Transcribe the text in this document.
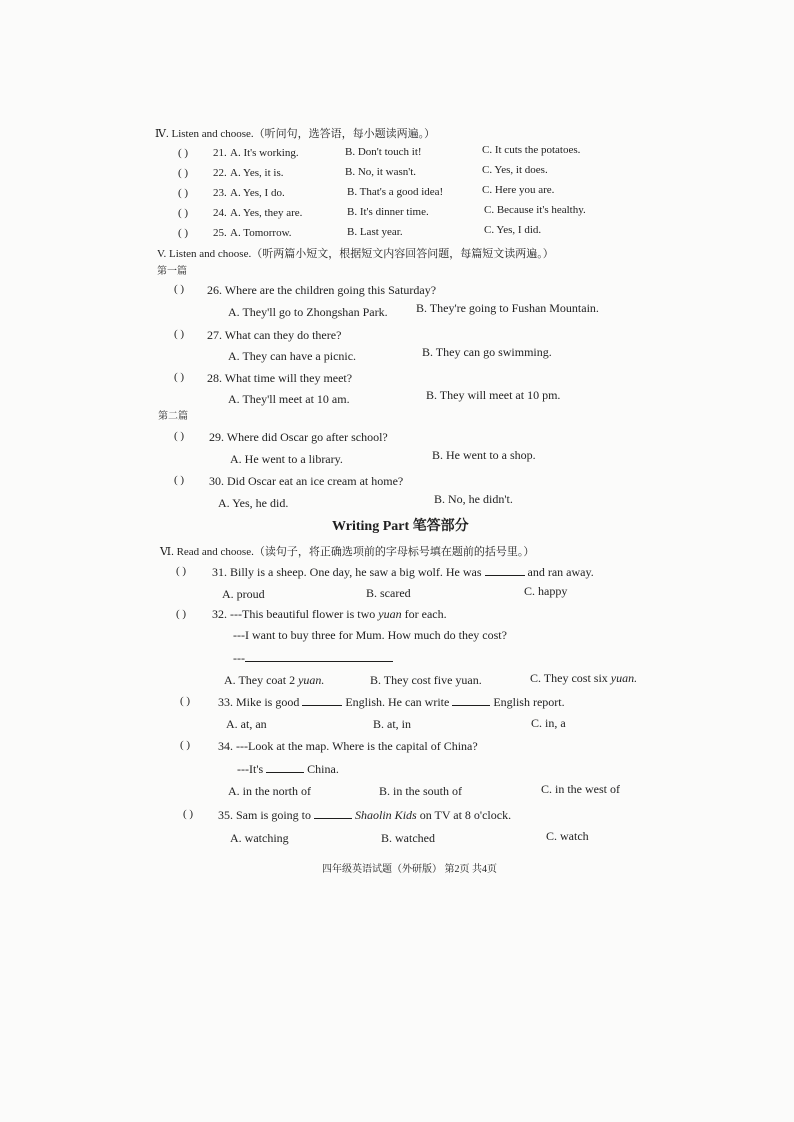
Ⅳ. Listen and choose.（听问句，选答语，每小题读两遍。）
( ) 21. A. It's working.	B. Don't touch it!	C. It cuts the potatoes.
( ) 22. A. Yes, it is.	B. No, it wasn't.	C. Yes, it does.
( ) 23. A. Yes, I do.	B. That's a good idea!	C. Here you are.
( ) 24. A. Yes, they are.	B. It's dinner time.	C. Because it's healthy.
( ) 25. A. Tomorrow.	B. Last year.	C. Yes, I did.
V. Listen and choose.（听两篇小短文，根据短文内容回答问题，每篇短文读两遍。）
第一篇
( ) 26. Where are the children going this Saturday?
A. They'll go to Zhongshan Park. B. They're going to Fushan Mountain.
( ) 27. What can they do there?
A. They can have a picnic.	B. They can go swimming.
( ) 28. What time will they meet?
A. They'll meet at 10 am.	B. They will meet at 10 pm.
第二篇
( ) 29. Where did Oscar go after school?
A. He went to a library.	B. He went to a shop.
( ) 30. Did Oscar eat an ice cream at home?
A. Yes, he did.	B. No, he didn't.
Writing Part 笔答部分
Ⅵ. Read and choose.（读句子，将正确选项前的字母标号填在题前的括号里。）
( ) 31. Billy is a sheep. One day, he saw a big wolf. He was	and ran away.
A. proud	B. scared	C. happy
( ) 32. ---This beautiful flower is two yuan for each.
---I want to buy three for Mum. How much do they cost?
---
A. They coat 2 yuan.	B. They cost five yuan.	C. They cost six yuan.
( ) 33. Mike is good	English. He can write	English report.
A. at, an	B. at, in	C. in, a
( ) 34. ---Look at the map. Where is the capital of China?
---It's	China.
A. in the north of	B. in the south of	C. in the west of
( ) 35. Sam is going to	Shaolin Kids on TV at 8 o'clock.
A. watching	B. watched	C. watch
四年级英语试题（外研版） 第2页 共4页
